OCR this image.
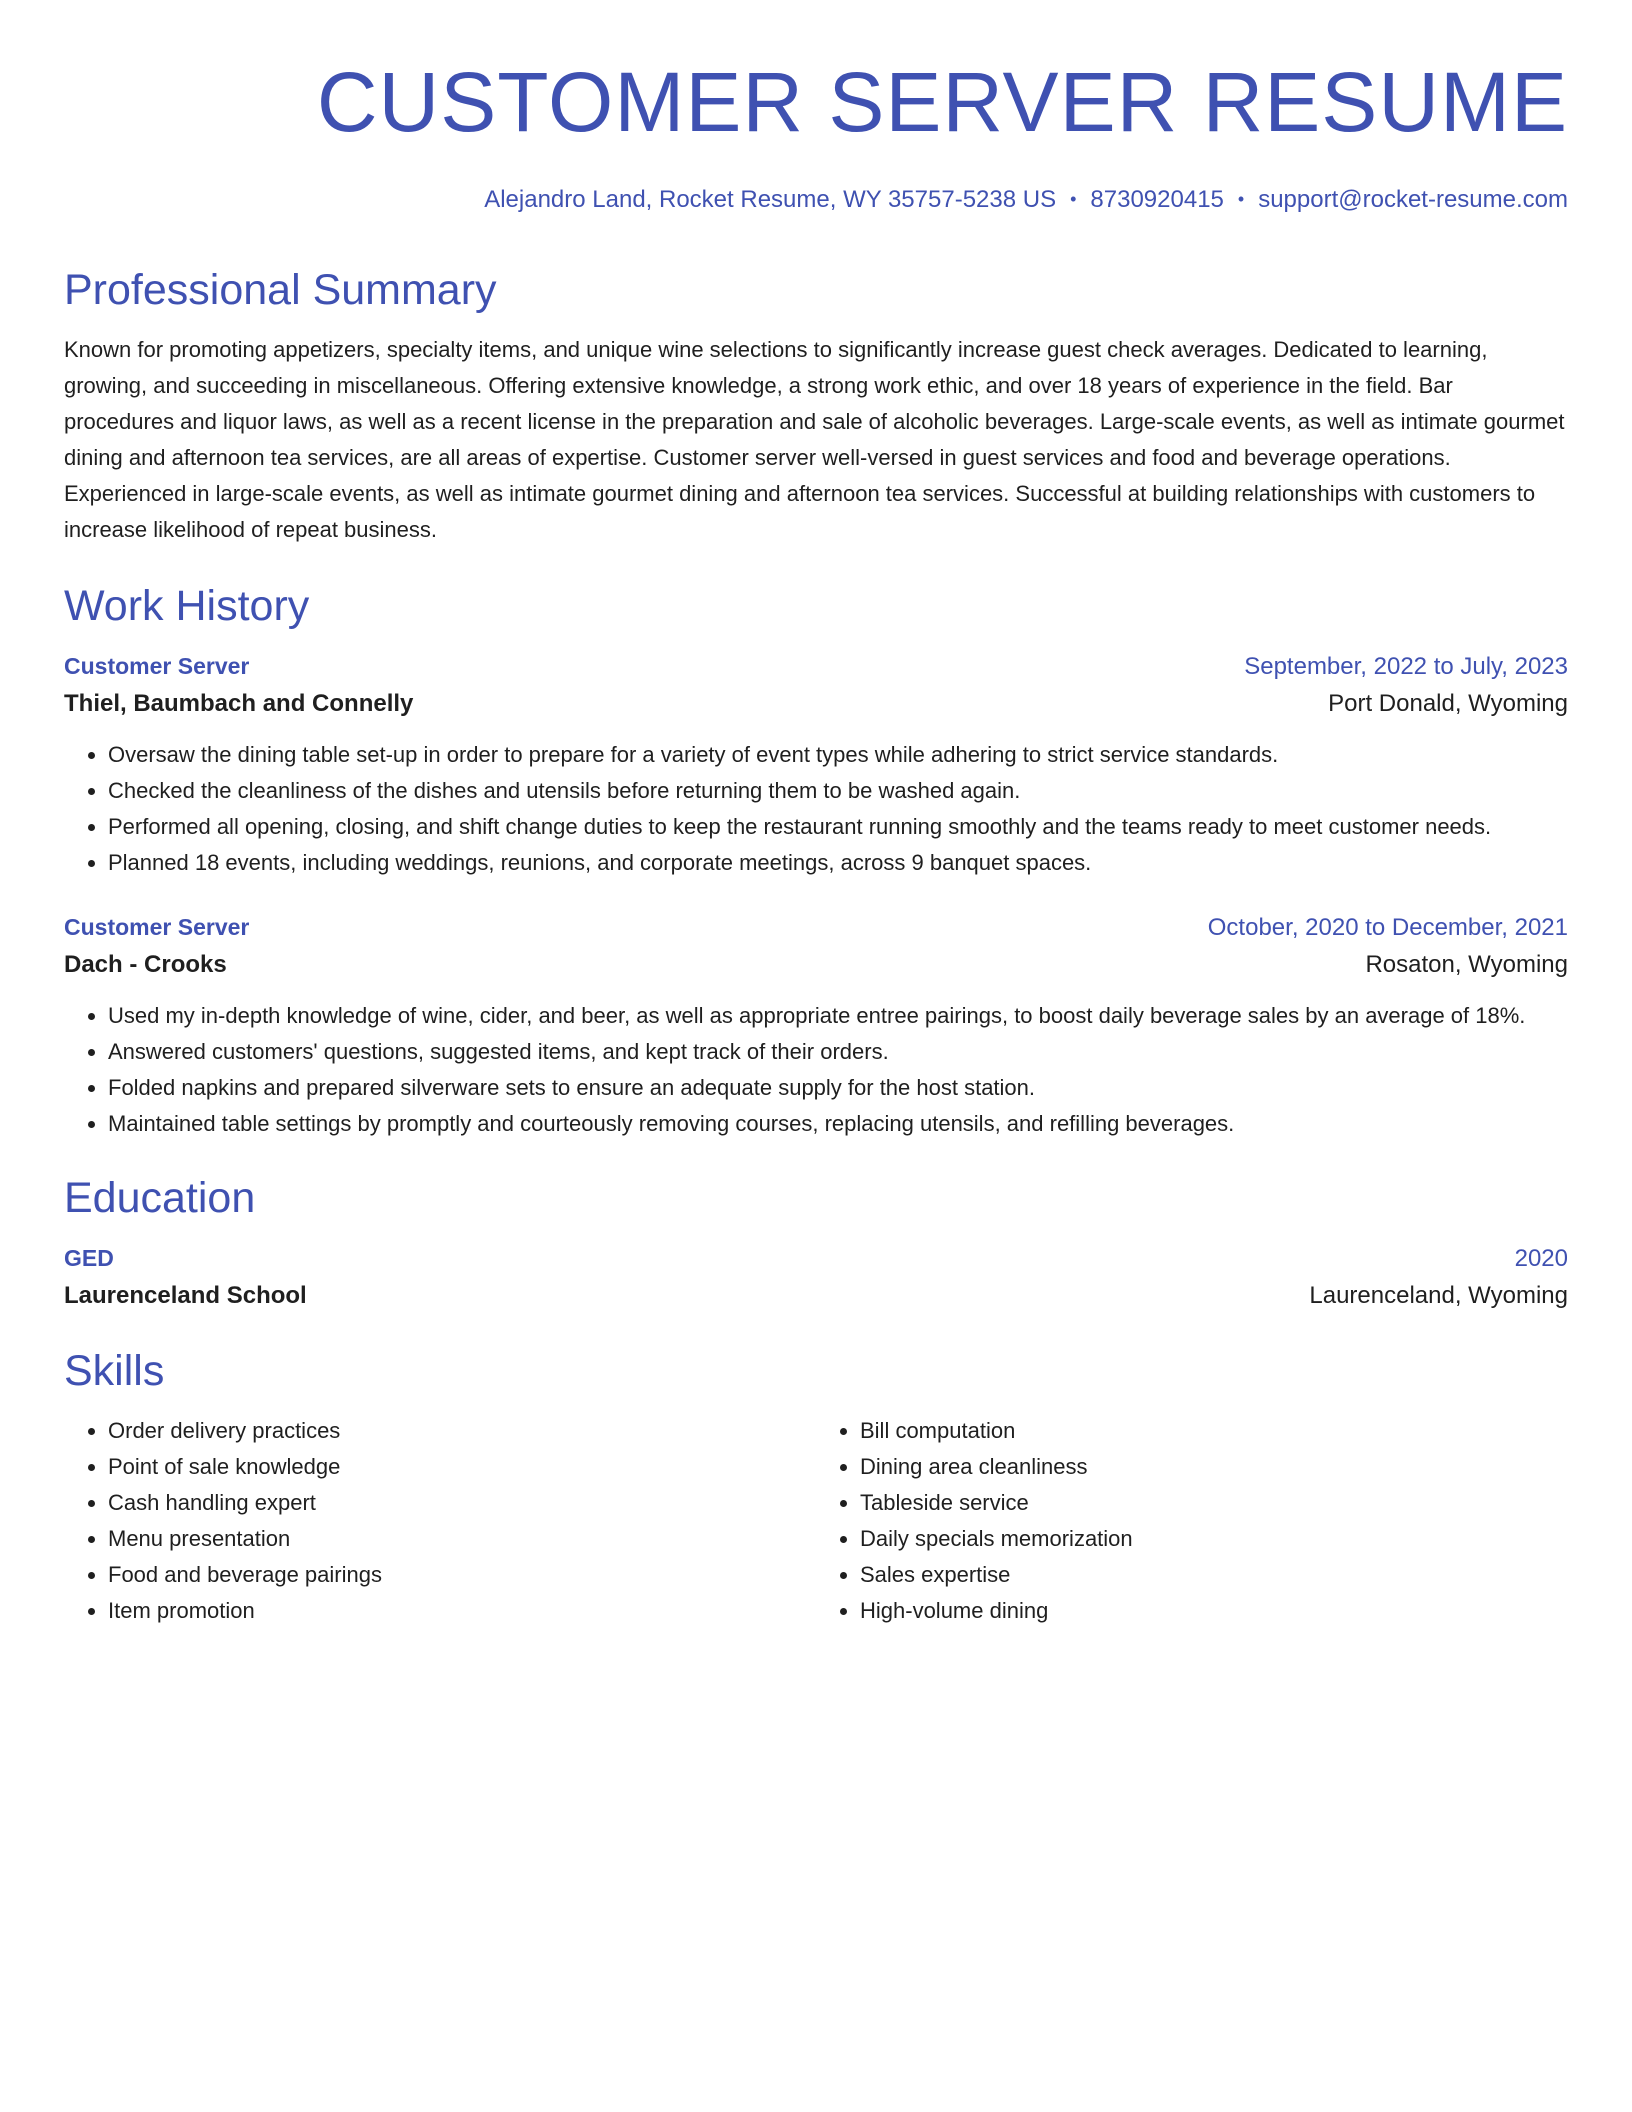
CUSTOMER SERVER RESUME
Alejandro Land, Rocket Resume, WY 35757-5238 US • 8730920415 • support@rocket-resume.com
Professional Summary
Known for promoting appetizers, specialty items, and unique wine selections to significantly increase guest check averages. Dedicated to learning, growing, and succeeding in miscellaneous. Offering extensive knowledge, a strong work ethic, and over 18 years of experience in the field. Bar procedures and liquor laws, as well as a recent license in the preparation and sale of alcoholic beverages. Large-scale events, as well as intimate gourmet dining and afternoon tea services, are all areas of expertise. Customer server well-versed in guest services and food and beverage operations. Experienced in large-scale events, as well as intimate gourmet dining and afternoon tea services. Successful at building relationships with customers to increase likelihood of repeat business.
Work History
Customer Server	September, 2022 to July, 2023
Thiel, Baumbach and Connelly	Port Donald, Wyoming
• Oversaw the dining table set-up in order to prepare for a variety of event types while adhering to strict service standards.
• Checked the cleanliness of the dishes and utensils before returning them to be washed again.
• Performed all opening, closing, and shift change duties to keep the restaurant running smoothly and the teams ready to meet customer needs.
• Planned 18 events, including weddings, reunions, and corporate meetings, across 9 banquet spaces.
Customer Server	October, 2020 to December, 2021
Dach - Crooks	Rosaton, Wyoming
• Used my in-depth knowledge of wine, cider, and beer, as well as appropriate entree pairings, to boost daily beverage sales by an average of 18%.
• Answered customers' questions, suggested items, and kept track of their orders.
• Folded napkins and prepared silverware sets to ensure an adequate supply for the host station.
• Maintained table settings by promptly and courteously removing courses, replacing utensils, and refilling beverages.
Education
GED	2020
Laurenceland School	Laurenceland, Wyoming
Skills
• Order delivery practices
• Point of sale knowledge
• Cash handling expert
• Menu presentation
• Food and beverage pairings
• Item promotion
• Bill computation
• Dining area cleanliness
• Tableside service
• Daily specials memorization
• Sales expertise
• High-volume dining
